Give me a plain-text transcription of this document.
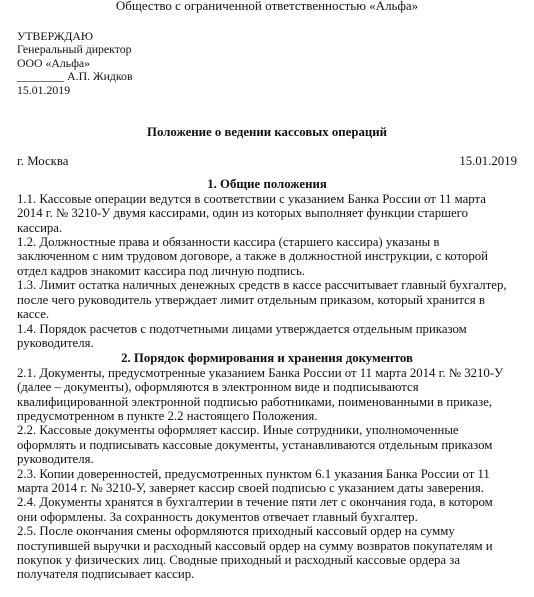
Общество с ограниченной ответственностью «Альфа»
УТВЕРЖДАЮ
Генеральный директор
ООО «Альфа»
________ А.П. Жидков
15.01.2019
Положение о ведении кассовых операций
г. Москва	15.01.2019
1. Общие положения
1.1. Кассовые операции ведутся в соответствии с указанием Банка России от 11 марта
2014 г. № 3210-У двумя кассирами, один из которых выполняет функции старшего
кассира.
1.2. Должностные права и обязанности кассира (старшего кассира) указаны в
заключенном с ним трудовом договоре, а также в должностной инструкции, с которой
отдел кадров знакомит кассира под личную подпись.
1.3. Лимит остатка наличных денежных средств в кассе рассчитывает главный бухгалтер,
после чего руководитель утверждает лимит отдельным приказом, который хранится в
кассе.
1.4. Порядок расчетов с подотчетными лицами утверждается отдельным приказом
руководителя.
2. Порядок формирования и хранения документов
2.1. Документы, предусмотренные указанием Банка России от 11 марта 2014 г. № 3210-У
(далее – документы), оформляются в электронном виде и подписываются
квалифицированной электронной подписью работниками, поименованными в приказе,
предусмотренном в пункте 2.2 настоящего Положения.
2.2. Кассовые документы оформляет кассир. Иные сотрудники, уполномоченные
оформлять и подписывать кассовые документы, устанавливаются отдельным приказом
руководителя.
2.3. Копии доверенностей, предусмотренных пунктом 6.1 указания Банка России от 11
марта 2014 г. № 3210-У, заверяет кассир своей подписью с указанием даты заверения.
2.4. Документы хранятся в бухгалтерии в течение пяти лет с окончания года, в котором
они оформлены. За сохранность документов отвечает главный бухгалтер.
2.5. После окончания смены оформляются приходный кассовый ордер на сумму
поступившей выручки и расходный кассовый ордер на сумму возвратов покупателям и
покупок у физических лиц. Сводные приходный и расходный кассовые ордера за
получателя подписывает кассир.
